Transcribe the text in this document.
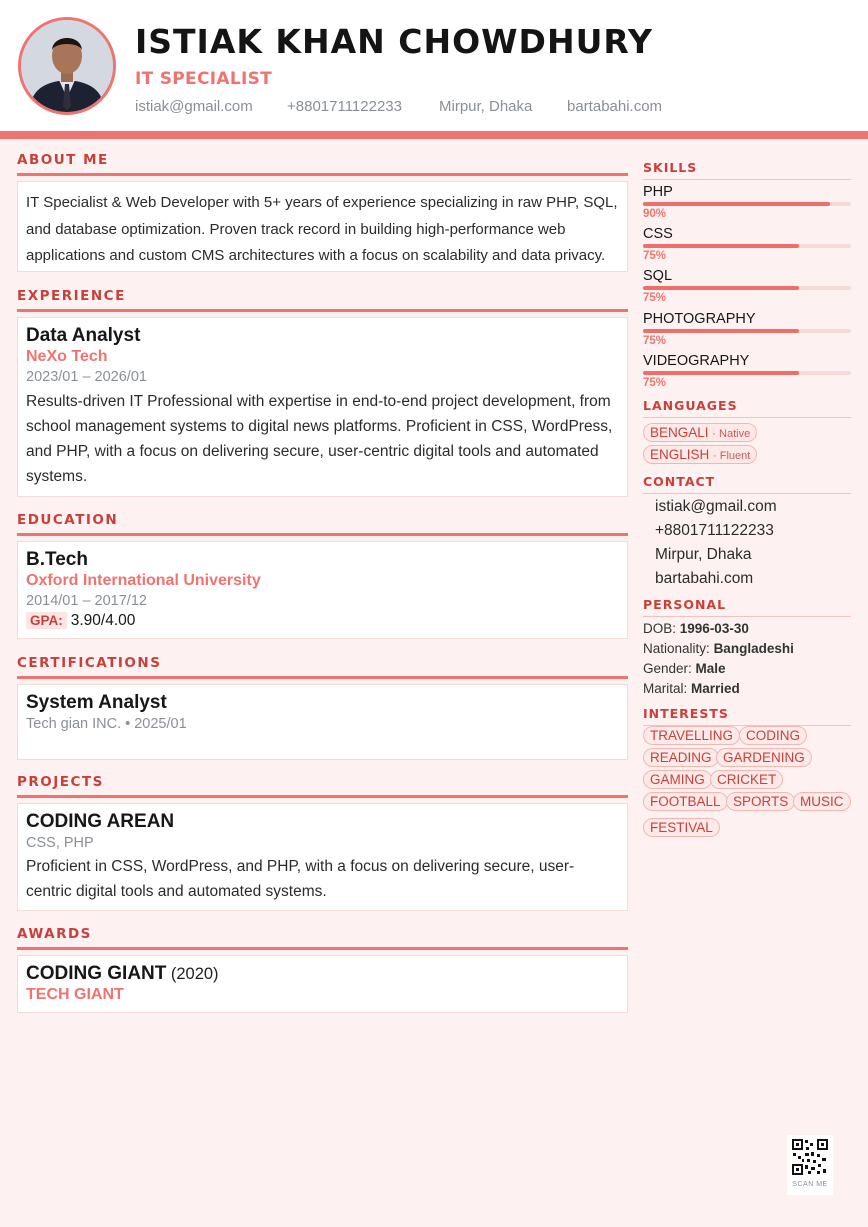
ISTIAK KHAN CHOWDHURY
IT SPECIALIST
istiak@gmail.com +8801711122233 Mirpur, Dhaka bartabahi.com
ABOUT ME
IT Specialist & Web Developer with 5+ years of experience specializing in raw PHP, SQL, and database optimization. Proven track record in building high-performance web applications and custom CMS architectures with a focus on scalability and data privacy.
EXPERIENCE
Data Analyst
NeXo Tech
2023/01 – 2026/01
Results-driven IT Professional with expertise in end-to-end project development, from school management systems to digital news platforms. Proficient in CSS, WordPress, and PHP, with a focus on delivering secure, user-centric digital tools and automated systems.
EDUCATION
B.Tech
Oxford International University
2014/01 – 2017/12
GPA: 3.90/4.00
CERTIFICATIONS
System Analyst
Tech gian INC. • 2025/01
PROJECTS
CODING AREAN
CSS, PHP
Proficient in CSS, WordPress, and PHP, with a focus on delivering secure, user-centric digital tools and automated systems.
AWARDS
CODING GIANT (2020)
TECH GIANT
SKILLS
PHP
90%
CSS
75%
SQL
75%
PHOTOGRAPHY
75%
VIDEOGRAPHY
75%
LANGUAGES
BENGALI · Native
ENGLISH · Fluent
CONTACT
istiak@gmail.com
+8801711122233
Mirpur, Dhaka
bartabahi.com
PERSONAL
DOB: 1996-03-30
Nationality: Bangladeshi
Gender: Male
Marital: Married
INTERESTS
TRAVELLING CODING
READING GARDENING
GAMING CRICKET
FOOTBALL SPORTS MUSIC
FESTIVAL
SCAN ME
